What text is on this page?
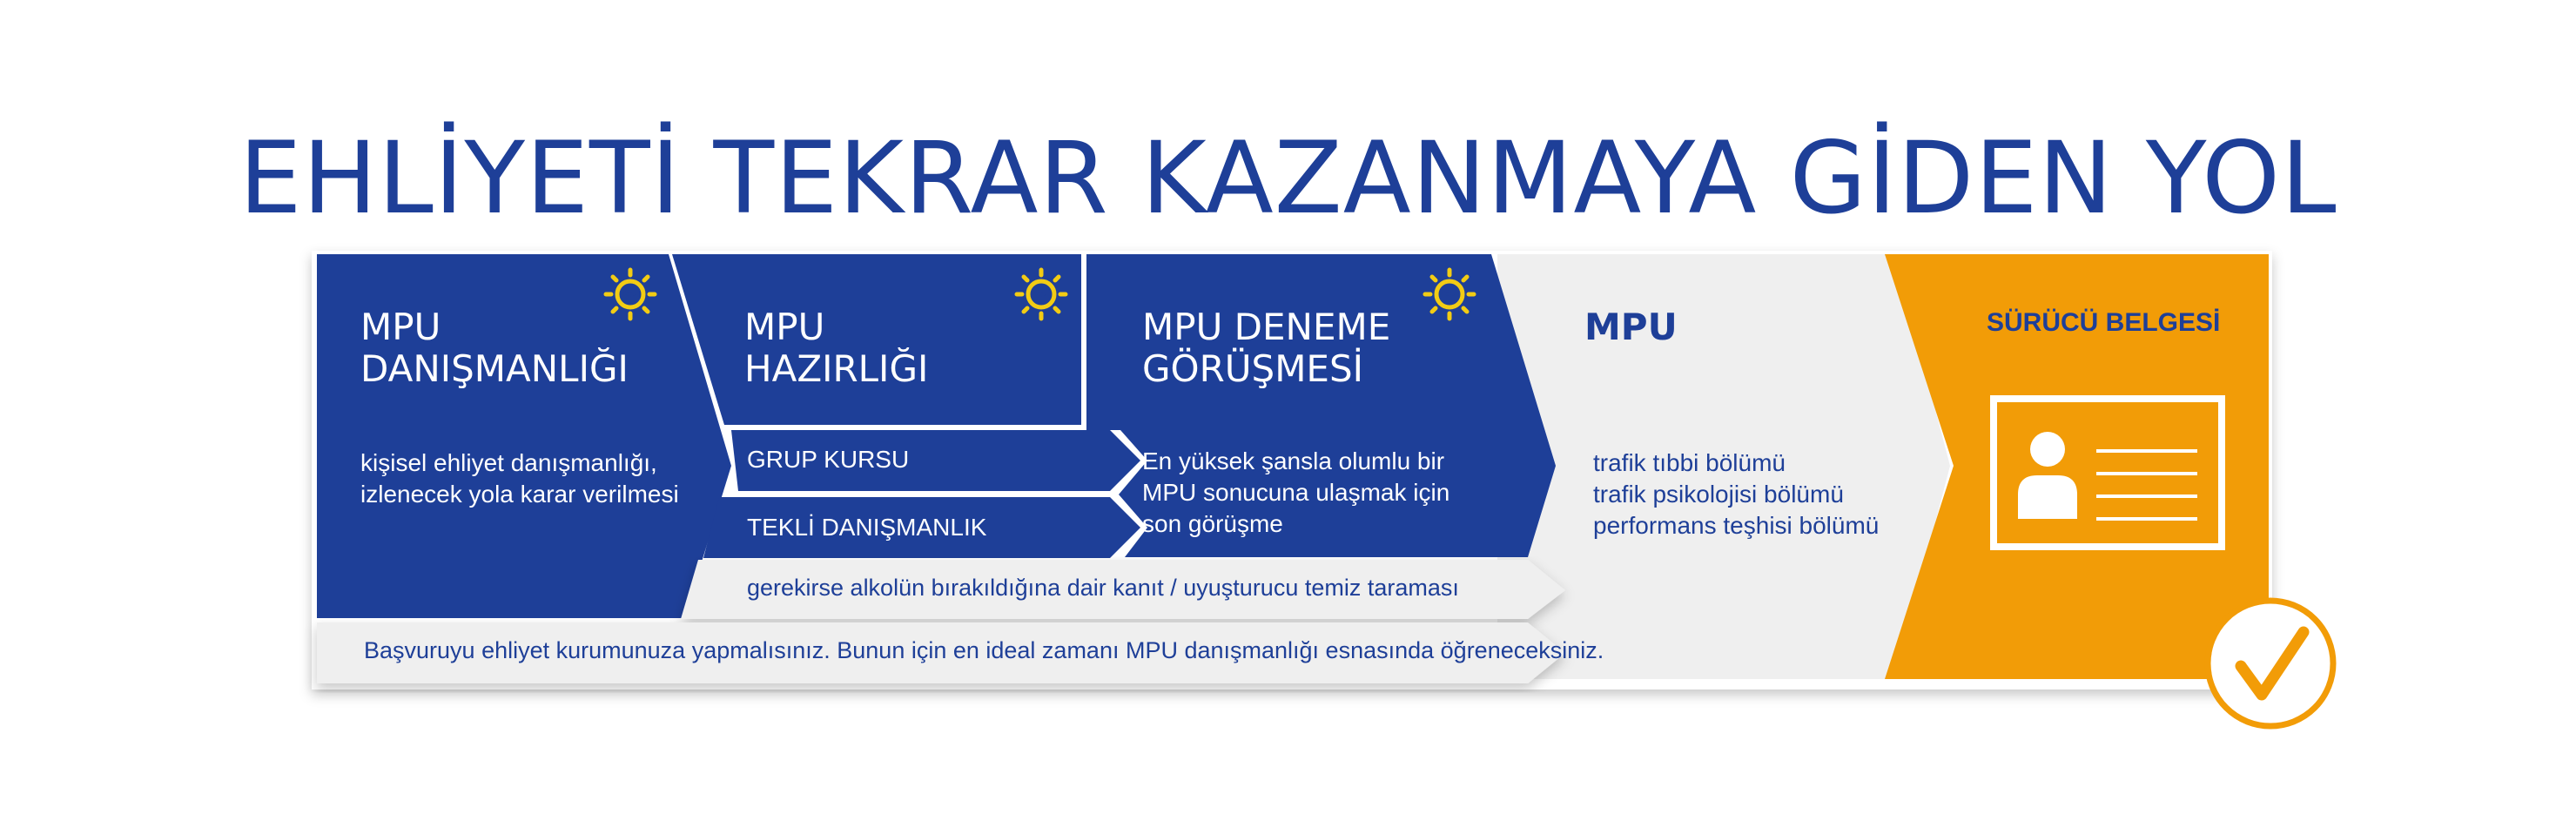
EHLİYETİ TEKRAR KAZANMAYA GİDEN YOL

MPU

DANIŞMANLIĞI

kişisel ehliyet danışmanlığı,

izlenecek yola karar verilmesi

MPU

HAZIRLIĞI

GRUP KURSU

TEKLİ DANIŞMANLIK

MPU DENEME

GÖRÜŞMESİ

En yüksek şansla olumlu bir

MPU sonucuna ulaşmak için

son görüşme

MPU

trafik tıbbi bölümü

trafik psikolojisi bölümü

performans teşhisi bölümü

SÜRÜCÜ BELGESİ

gerekirse alkolün bırakıldığına dair kanıt / uyuşturucu temiz taraması

Başvuruyu ehliyet kurumunuza yapmalısınız. Bunun için en ideal zamanı MPU danışmanlığı esnasında öğreneceksiniz.
